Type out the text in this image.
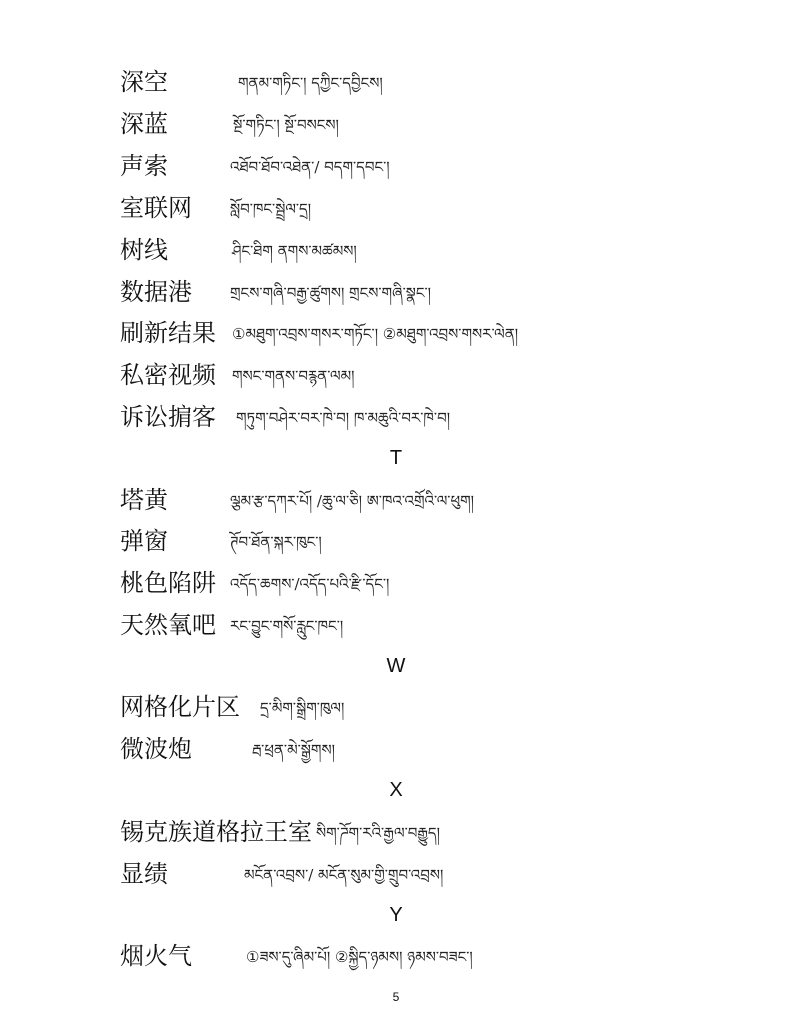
深空	གནམ་གཏིང་། དཀྱིང་དབྱིངས།
深蓝	སྔོ་གཏིང་། སྔོ་བསངས།
声索	འཐོབ་ཐོབ་འཐེན་/ བདག་དབང་།
室联网	སློབ་ཁང་སྦྲེལ་དྲ།
树线	ཤིང་ཐིག ནགས་མཚམས།
数据港	གྲངས་གཞི་བརྒྱ་ཚུགས། གྲངས་གཞི་སྣང་།
刷新结果 ①མཐུག་འབྲས་གསར་གཏོང་། ②མཐུག་འབྲས་གསར་ལེན།
私密视频 གསང་གནས་བརྙན་ལམ།
诉讼掮客 གཏུག་བཤེར་བར་ཁེ་བ། ཁ་མཆུའི་བར་ཁེ་བ།
T
塔黄	ལྕམ་རྩ་དཀར་པོ། /ཆུ་ལ་ཅི། ཨ་ཁའ་འགྲོའི་ལ་ཕུག།
弹窗	ཊོབ་ཐོན་སྐར་ཁུང་།
桃色陷阱 འདོད་ཆགས་/འདོད་པའི་རྫི་དོང་།
天然氧吧 རང་བྱུང་གསོ་རླུང་ཁང་།
W
网格化片区 དྲ་མིག་སྒྲིག་ཁུལ།
微波炮	རྦ་ཕྲན་མེ་སྒྱོགས།
X
锡克族道格拉王室 སིག་ཌོག་རའི་རྒྱལ་བརྒྱུད།
显绩	མངོན་འབྲས་/ མངོན་སུམ་གྱི་གྲུབ་འབྲས།
Y
烟火气	①ཟས་དུ་ཞིམ་པོ། ②སྐྱིད་ཉམས། ཉམས་བཟང་།
5
